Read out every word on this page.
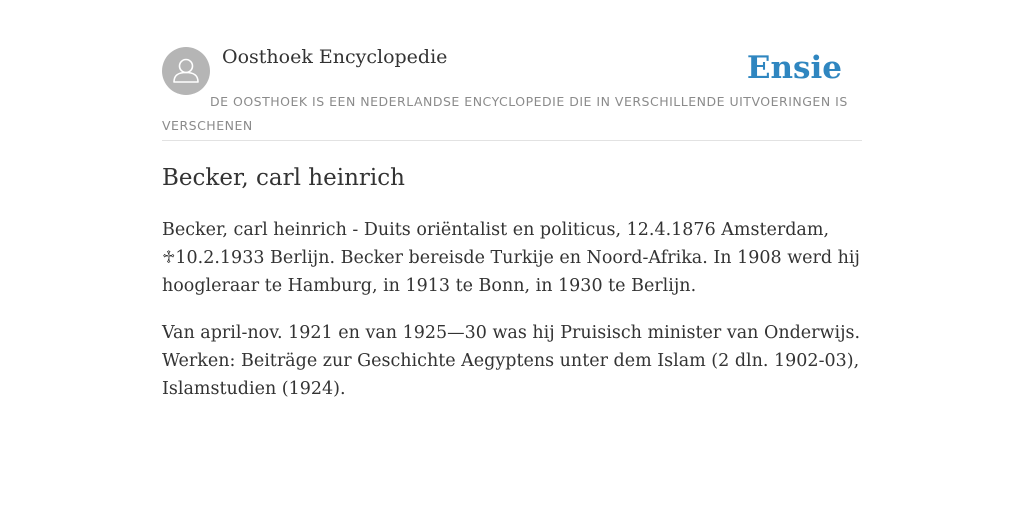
Oosthoek Encyclopedie	Ensie
DE OOSTHOEK IS EEN NEDERLANDSE ENCYCLOPEDIE DIE IN VERSCHILLENDE UITVOERINGEN IS VERSCHENEN
Becker, carl heinrich

Becker, carl heinrich - Duits oriëntalist en politicus, 12.4.1876 Amsterdam, ♱10.2.1933 Berlijn. Becker bereisde Turkije en Noord-Afrika. In 1908 werd hij hoogleraar te Hamburg, in 1913 te Bonn, in 1930 te Berlijn.

Van april-nov. 1921 en van 1925—30 was hij Pruisisch minister van Onderwijs. Werken: Beiträge zur Geschichte Aegyptens unter dem Islam (2 dln. 1902-03), Islamstudien (1924).
